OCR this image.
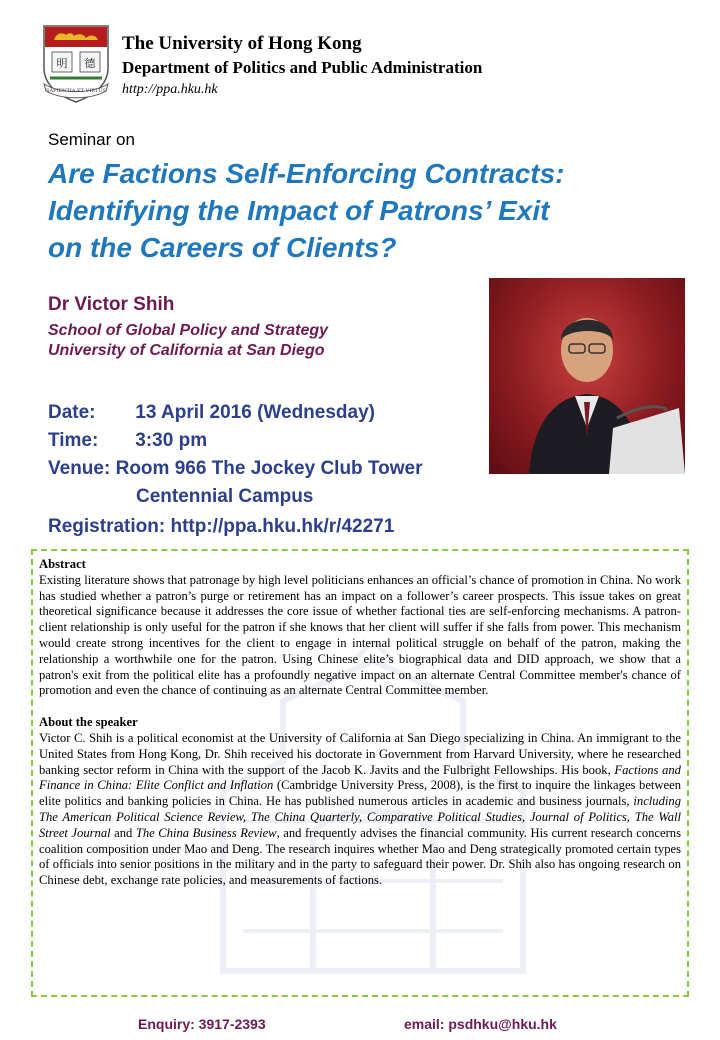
明 德
SAPIENTIA ET VIRTUS
The University of Hong Kong
Department of Politics and Public Administration
http://ppa.hku.hk
Seminar on
Are Factions Self-Enforcing Contracts:
Identifying the Impact of Patrons’ Exit
on the Careers of Clients?
Dr Victor Shih
School of Global Policy and Strategy
University of California at San Diego
Date: 13 April 2016 (Wednesday)
Time: 3:30 pm
Venue: Room 966 The Jockey Club Tower
Centennial Campus
Registration: http://ppa.hku.hk/r/42271
Abstract

Existing literature shows that patronage by high level politicians enhances an official’s chance of promotion in China. No work has studied whether a patron’s purge or retirement has an impact on a follower’s career prospects. This issue takes on great theoretical significance because it addresses the core issue of whether factional ties are self-enforcing mechanisms. A patron-client relationship is only useful for the patron if she knows that her client will suffer if she falls from power. This mechanism would create strong incentives for the client to engage in internal political struggle on behalf of the patron, making the relationship a worthwhile one for the patron. Using Chinese elite’s biographical data and DID approach, we show that a patron's exit from the political elite has a profoundly negative impact on an alternate Central Committee member's chance of promotion and even the chance of continuing as an alternate Central Committee member.

About the speaker

Victor C. Shih is a political economist at the University of California at San Diego specializing in China. An immigrant to the United States from Hong Kong, Dr. Shih received his doctorate in Government from Harvard University, where he researched banking sector reform in China with the support of the Jacob K. Javits and the Fulbright Fellowships. His book, Factions and Finance in China: Elite Conflict and Inflation (Cambridge University Press, 2008), is the first to inquire the linkages between elite politics and banking policies in China. He has published numerous articles in academic and business journals, including The American Political Science Review, The China Quarterly, Comparative Political Studies, Journal of Politics, The Wall Street Journal and The China Business Review, and frequently advises the financial community. His current research concerns coalition composition under Mao and Deng. The research inquires whether Mao and Deng strategically promoted certain types of officials into senior positions in the military and in the party to safeguard their power. Dr. Shih also has ongoing research on Chinese debt, exchange rate policies, and measurements of factions.

Enquiry: 3917-2393	email: psdhku@hku.hk
